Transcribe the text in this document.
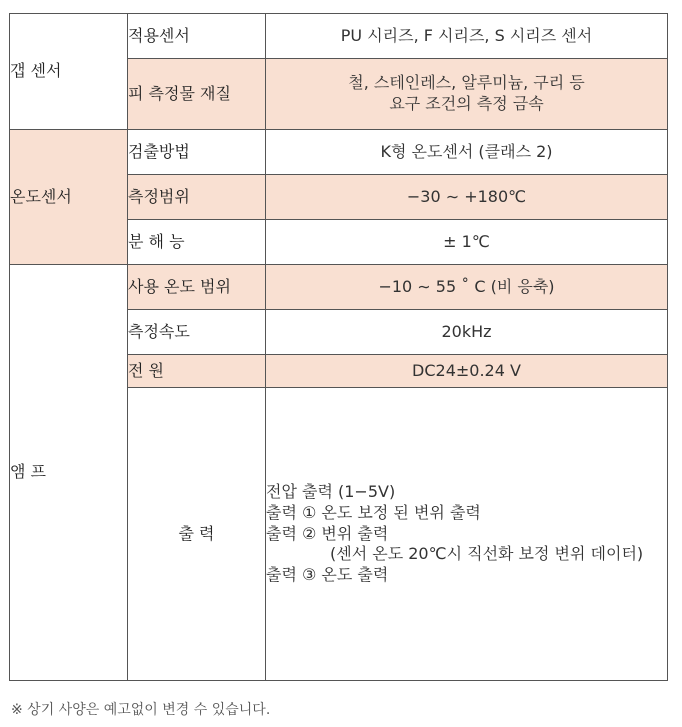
갭 센서	적용센서	PU 시리즈, F 시리즈, S 시리즈 센서
	피 측정물 재질	철, 스테인레스, 알루미늄, 구리 등
요구 조건의 측정 금속

온도센서	검출방법	K형 온도센서 (클래스 2)
	측정범위	−30 ∼ +180℃
	분 해 능	± 1℃
앰 프	사용 온도 범위	−10 ∼ 55 ˚ C (비 응축)
	측정속도	20kHz
	전 원	DC24±0.24 V
	출 력	전압 출력 (1−5V)
출력 ① 온도 보정 된 변위 출력
출력 ② 변위 출력
(센서 온도 20℃시 직선화 보정 변위 데이터)
출력 ③ 온도 출력
※ 상기 사양은 예고없이 변경 수 있습니다.
